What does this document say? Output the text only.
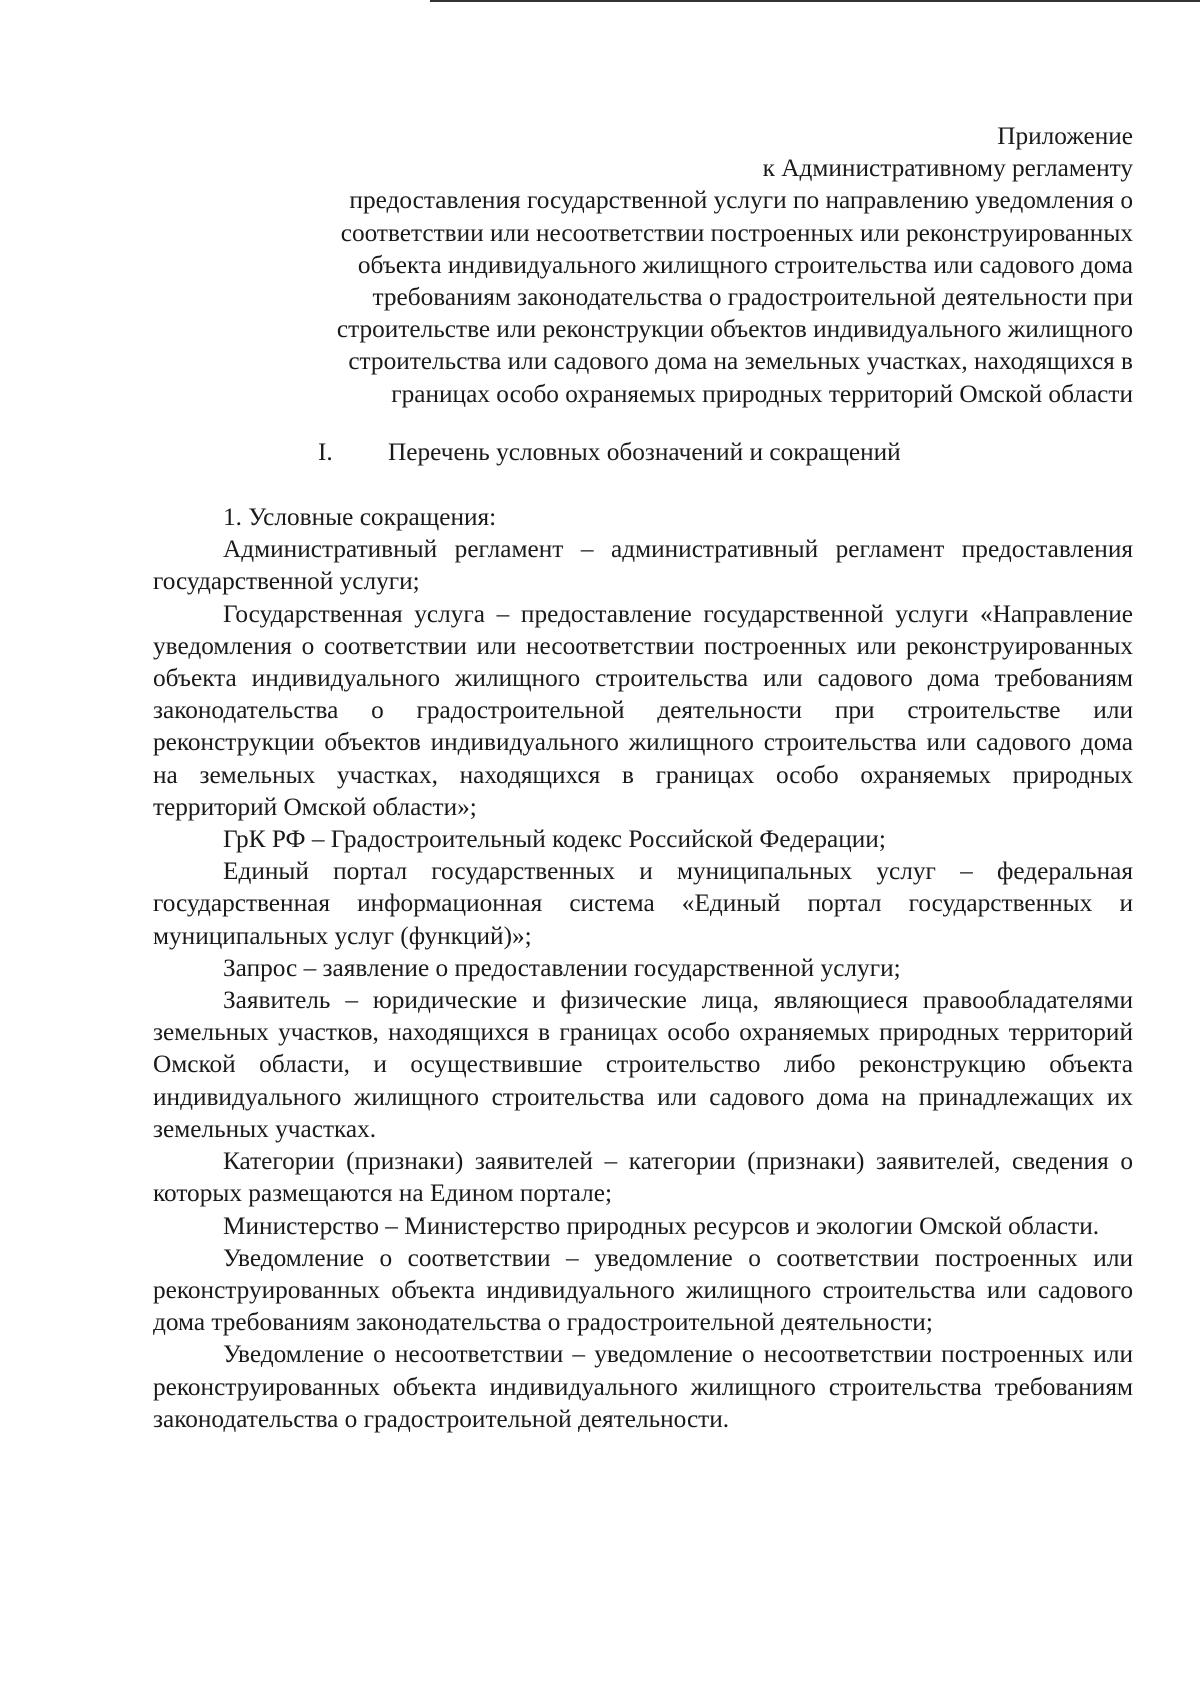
Приложение

к Административному регламенту

предоставления государственной услуги по направлению уведомления о

соответствии или несоответствии построенных или реконструированных

объекта индивидуального жилищного строительства или садового дома

требованиям законодательства о градостроительной деятельности при

строительстве или реконструкции объектов индивидуального жилищного

строительства или садового дома на земельных участках, находящихся в

границах особо охраняемых природных территорий Омской области

I. Перечень условных обозначений и сокращений

1. Условные сокращения:

Административный регламент – административный регламент предоставления государственной услуги;

Государственная услуга – предоставление государственной услуги «Направление уведомления о соответствии или несоответствии построенных или реконструированных объекта индивидуального жилищного строительства или садового дома требованиям законодательства о градостроительной деятельности при строительстве или реконструкции объектов индивидуального жилищного строительства или садового дома на земельных участках, находящихся в границах особо охраняемых природных территорий Омской области»;

ГрК РФ – Градостроительный кодекс Российской Федерации;

Единый портал государственных и муниципальных услуг – федеральная государственная информационная система «Единый портал государственных и муниципальных услуг (функций)»;

Запрос – заявление о предоставлении государственной услуги;

Заявитель – юридические и физические лица, являющиеся правообладателями земельных участков, находящихся в границах особо охраняемых природных территорий Омской области, и осуществившие строительство либо реконструкцию объекта индивидуального жилищного строительства или садового дома на принадлежащих их земельных участках.

Категории (признаки) заявителей – категории (признаки) заявителей, сведения о которых размещаются на Едином портале;

Министерство – Министерство природных ресурсов и экологии Омской области.

Уведомление о соответствии – уведомление о соответствии построенных или реконструированных объекта индивидуального жилищного строительства или садового дома требованиям законодательства о градостроительной деятельности;

Уведомление о несоответствии – уведомление о несоответствии построенных или реконструированных объекта индивидуального жилищного строительства требованиям законодательства о градостроительной деятельности.
